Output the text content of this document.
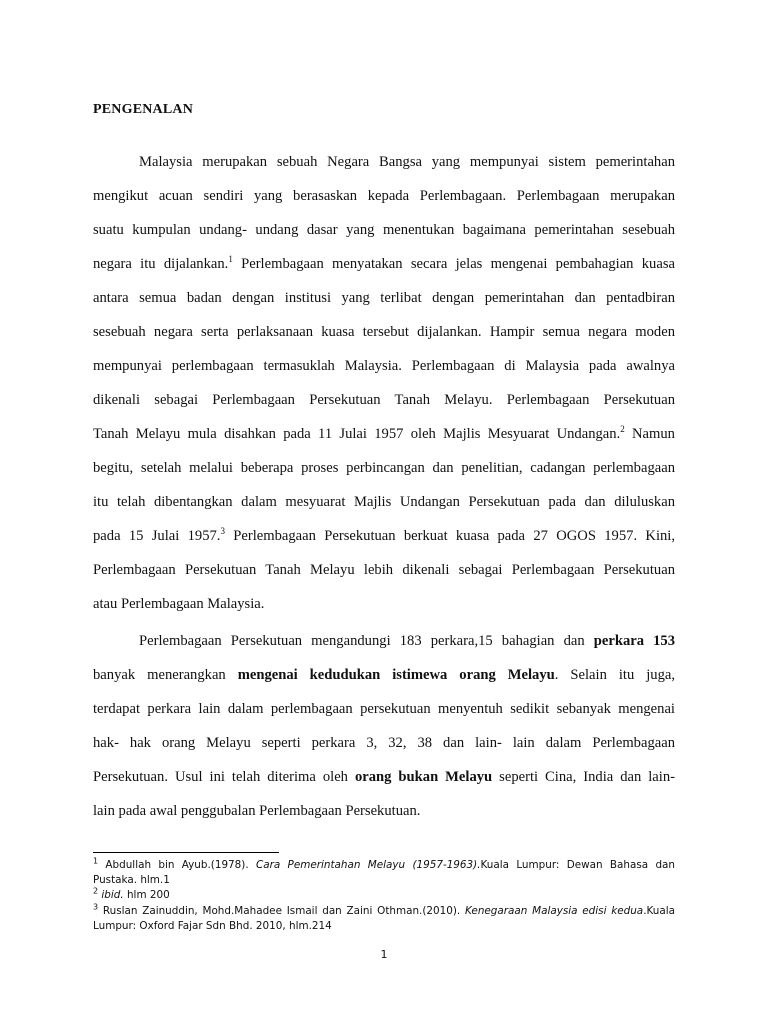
PENGENALAN
Malaysia merupakan sebuah Negara Bangsa yang mempunyai sistem pemerintahan
mengikut acuan sendiri yang berasaskan kepada Perlembagaan. Perlembagaan merupakan
suatu kumpulan undang- undang dasar yang menentukan bagaimana pemerintahan sesebuah
negara itu dijalankan.$^1$ Perlembagaan menyatakan secara jelas mengenai pembahagian kuasa
antara semua badan dengan institusi yang terlibat dengan pemerintahan dan pentadbiran
sesebuah negara serta perlaksanaan kuasa tersebut dijalankan. Hampir semua negara moden
mempunyai perlembagaan termasuklah Malaysia. Perlembagaan di Malaysia pada awalnya
dikenali sebagai Perlembagaan Persekutuan Tanah Melayu. Perlembagaan Persekutuan
Tanah Melayu mula disahkan pada 11 Julai 1957 oleh Majlis Mesyuarat Undangan.$^2$ Namun
begitu, setelah melalui beberapa proses perbincangan dan penelitian, cadangan perlembagaan
itu telah dibentangkan dalam mesyuarat Majlis Undangan Persekutuan pada dan diluluskan
pada 15 Julai 1957.$^3$ Perlembagaan Persekutuan berkuat kuasa pada 27 OGOS 1957. Kini,
Perlembagaan Persekutuan Tanah Melayu lebih dikenali sebagai Perlembagaan Persekutuan
atau Perlembagaan Malaysia.
Perlembagaan Persekutuan mengandungi 183 perkara,15 bahagian dan perkara 153
banyak menerangkan mengenai kedudukan istimewa orang Melayu. Selain itu juga,
terdapat perkara lain dalam perlembagaan persekutuan menyentuh sedikit sebanyak mengenai
hak- hak orang Melayu seperti perkara 3, 32, 38 dan lain- lain dalam Perlembagaan
Persekutuan. Usul ini telah diterima oleh orang bukan Melayu seperti Cina, India dan lain-
lain pada awal penggubalan Perlembagaan Persekutuan.
$^1$ Abdullah bin Ayub.(1978). Cara Pemerintahan Melayu (1957-1963).Kuala Lumpur: Dewan Bahasa dan
Pustaka. hlm.1
$^2$ ibid. hlm 200
$^3$ Ruslan Zainuddin, Mohd.Mahadee Ismail dan Zaini Othman.(2010). Kenegaraan Malaysia edisi kedua.Kuala
Lumpur: Oxford Fajar Sdn Bhd. 2010, hlm.214
1
